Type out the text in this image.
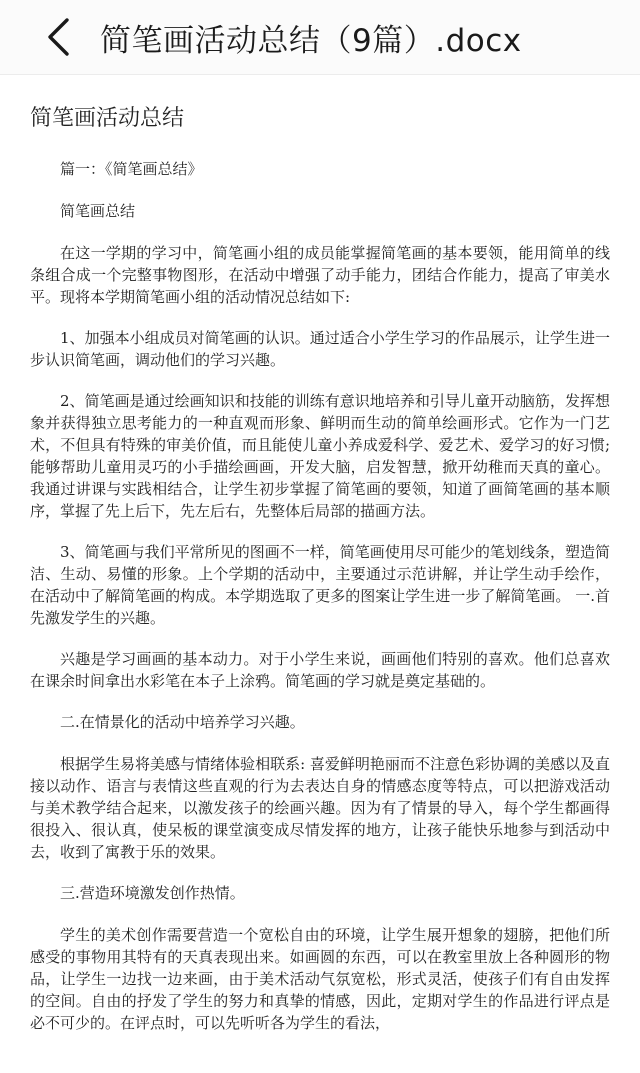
简笔画活动总结（9篇）.docx
简笔画活动总结

篇一：《简笔画总结》

简笔画总结

在这一学期的学习中，简笔画小组的成员能掌握简笔画的基本要领，能用简单的线条组合成一个完整事物图形，在活动中增强了动手能力，团结合作能力，提高了审美水平。现将本学期简笔画小组的活动情况总结如下:

1、加强本小组成员对简笔画的认识。通过适合小学生学习的作品展示，让学生进一步认识简笔画，调动他们的学习兴趣。

2、简笔画是通过绘画知识和技能的训练有意识地培养和引导儿童开动脑筋，发挥想象并获得独立思考能力的一种直观而形象、鲜明而生动的简单绘画形式。它作为一门艺术，不但具有特殊的审美价值，而且能使儿童小养成爱科学、爱艺术、爱学习的好习惯; 能够帮助儿童用灵巧的小手描绘画画，开发大脑，启发智慧，掀开幼稚而天真的童心。我通过讲课与实践相结合，让学生初步掌握了简笔画的要领，知道了画简笔画的基本顺序，掌握了先上后下，先左后右，先整体后局部的描画方法。

3、简笔画与我们平常所见的图画不一样，简笔画使用尽可能少的笔划线条，塑造简洁、生动、易懂的形象。上个学期的活动中，主要通过示范讲解，并让学生动手绘作，在活动中了解简笔画的构成。本学期选取了更多的图案让学生进一步了解简笔画。 一.首先激发学生的兴趣。

兴趣是学习画画的基本动力。对于小学生来说，画画他们特别的喜欢。他们总喜欢在课余时间拿出水彩笔在本子上涂鸦。简笔画的学习就是奠定基础的。

二.在情景化的活动中培养学习兴趣。

根据学生易将美感与情绪体验相联系: 喜爱鲜明艳丽而不注意色彩协调的美感以及直接以动作、语言与表情这些直观的行为去表达自身的情感态度等特点，可以把游戏活动与美术教学结合起来，以激发孩子的绘画兴趣。因为有了情景的导入，每个学生都画得很投入、很认真，使呆板的课堂演变成尽情发挥的地方，让孩子能快乐地参与到活动中去，收到了寓教于乐的效果。

三.营造环境激发创作热情。

学生的美术创作需要营造一个宽松自由的环境，让学生展开想象的翅膀，把他们所感受的事物用其特有的天真表现出来。如画圆的东西，可以在教室里放上各种圆形的物品，让学生一边找一边来画，由于美术活动气氛宽松，形式灵活，使孩子们有自由发挥的空间。自由的抒发了学生的努力和真挚的情感，因此，定期对学生的作品进行评点是必不可少的。在评点时，可以先听听各为学生的看法，
